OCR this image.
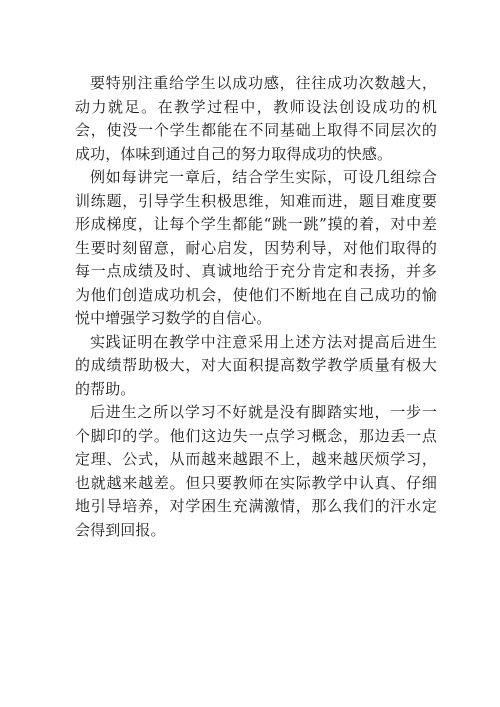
要特别注重给学生以成功感，往往成功次数越大，动力就足。在教学过程中，教师设法创设成功的机会，使没一个学生都能在不同基础上取得不同层次的成功，体味到通过自己的努力取得成功的快感。

例如每讲完一章后，结合学生实际，可设几组综合训练题，引导学生积极思维，知难而进，题目难度要形成梯度，让每个学生都能“跳一跳”摸的着，对中差生要时刻留意，耐心启发，因势利导，对他们取得的每一点成绩及时、真诚地给于充分肯定和表扬，并多为他们创造成功机会，使他们不断地在自己成功的愉悦中增强学习数学的自信心。

实践证明在教学中注意采用上述方法对提高后进生的成绩帮助极大，对大面积提高数学教学质量有极大的帮助。

后进生之所以学习不好就是没有脚踏实地，一步一个脚印的学。他们这边失一点学习概念，那边丢一点定理、公式，从而越来越跟不上，越来越厌烦学习，也就越来越差。但只要教师在实际教学中认真、仔细地引导培养，对学困生充满激情，那么我们的汗水定会得到回报。
